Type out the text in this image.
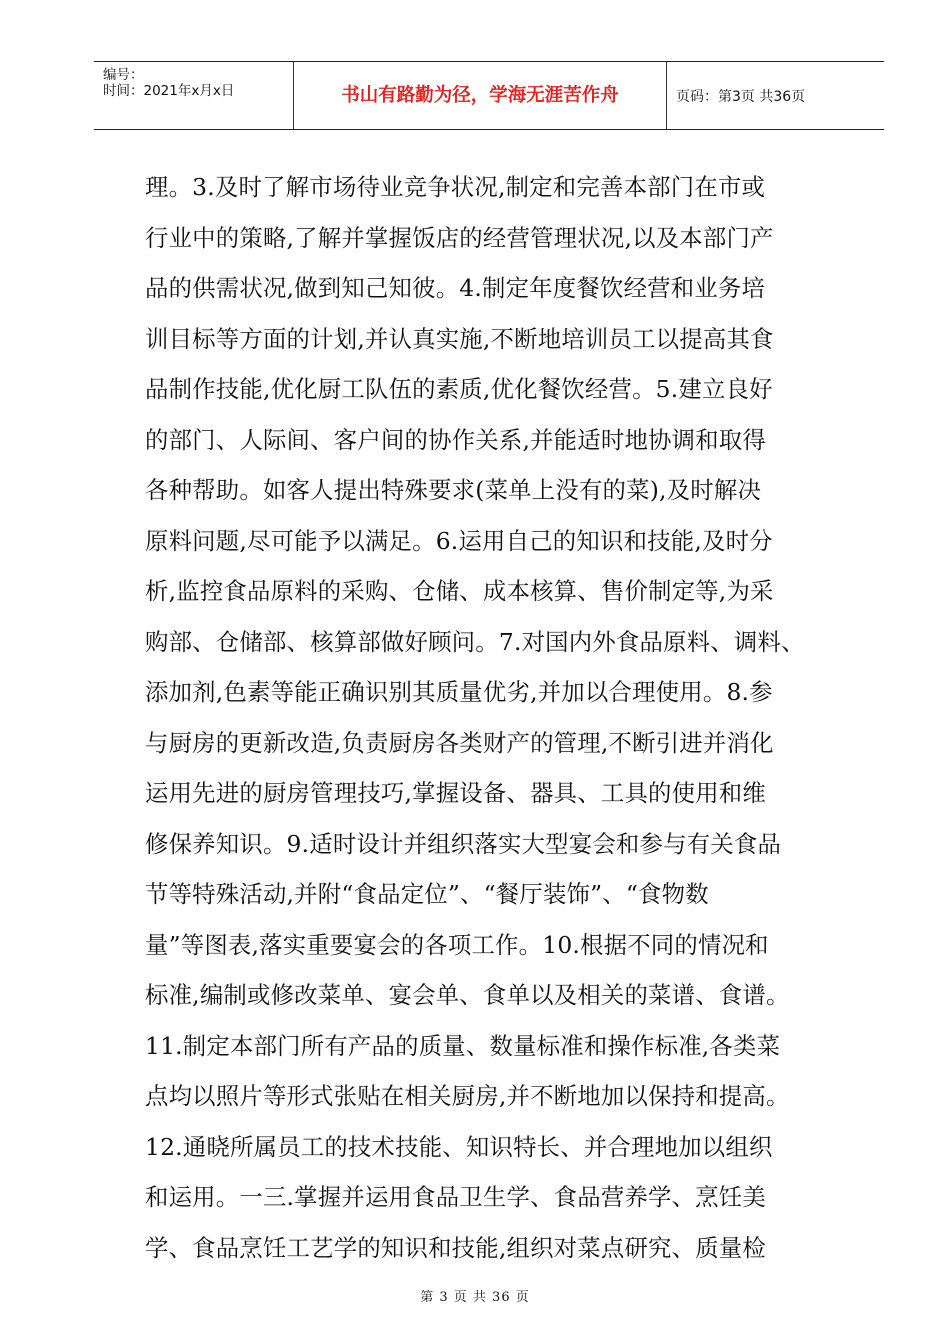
编号：
时间：2021年x月x日	书山有路勤为径，学海无涯苦作舟	页码：第3页 共36页
理。3.及时了解市场待业竞争状况,制定和完善本部门在市或
行业中的策略,了解并掌握饭店的经营管理状况,以及本部门产
品的供需状况,做到知己知彼。4.制定年度餐饮经营和业务培
训目标等方面的计划,并认真实施,不断地培训员工以提高其食
品制作技能,优化厨工队伍的素质,优化餐饮经营。5.建立良好
的部门、人际间、客户间的协作关系,并能适时地协调和取得
各种帮助。如客人提出特殊要求(菜单上没有的菜),及时解决
原料问题,尽可能予以满足。6.运用自己的知识和技能,及时分
析,监控食品原料的采购、仓储、成本核算、售价制定等,为采
购部、仓储部、核算部做好顾问。7.对国内外食品原料、调料、
添加剂,色素等能正确识别其质量优劣,并加以合理使用。8.参
与厨房的更新改造,负责厨房各类财产的管理,不断引进并消化
运用先进的厨房管理技巧,掌握设备、器具、工具的使用和维
修保养知识。9.适时设计并组织落实大型宴会和参与有关食品
节等特殊活动,并附“食品定位”、“餐厅装饰”、“食物数
量”等图表,落实重要宴会的各项工作。10.根据不同的情况和
标准,编制或修改菜单、宴会单、食单以及相关的菜谱、食谱。
11.制定本部门所有产品的质量、数量标准和操作标准,各类菜
点均以照片等形式张贴在相关厨房,并不断地加以保持和提高。
12.通晓所属员工的技术技能、知识特长、并合理地加以组织
和运用。一三.掌握并运用食品卫生学、食品营养学、烹饪美
学、食品烹饪工艺学的知识和技能,组织对菜点研究、质量检
第 3 页 共 36 页
